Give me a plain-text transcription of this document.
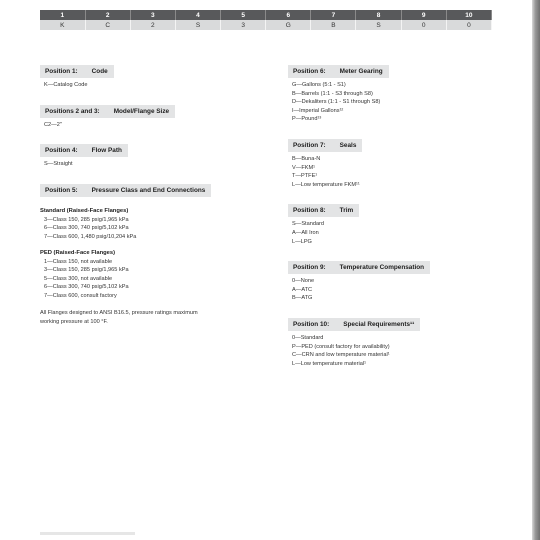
1	2	3	4	5	6	7	8	9	10
K	C	2	S	3	G	B	S	0	0
Position 1: Code
K—Catalog Code
Positions 2 and 3: Model/Flange Size
C2—2"
Position 4: Flow Path
S—Straight
Position 5: Pressure Class and End Connections
Standard (Raised-Face Flanges)
3—Class 150, 285 psig/1,965 kPa
6—Class 300, 740 psig/5,102 kPa
7—Class 600, 1,480 psig/10,204 kPa
PED (Raised-Face Flanges)
1—Class 150, not available
3—Class 150, 285 psig/1,965 kPa
5—Class 300, not available
6—Class 300, 740 psig/5,102 kPa
7—Class 600, consult factory
All Flanges designed to ANSI B16.5, pressure ratings maximum
working pressure at 100 °F.
Position 6: Meter Gearing
G—Gallons (5:1 - S1)
B—Barrels (1:1 - S3 through S8)
D—Dekaliters (1:1 - S1 through S8)
I—Imperial Gallons¹²
P—Pound¹³
Position 7: Seals
B—Buna-N
V—FKM¹
T—PTFE¹
L—Low temperature FKM¹¹
Position 8: Trim
S—Standard
A—All Iron
L—LPG
Position 9: Temperature Compensation
0—None
A—ATC
B—ATG
Position 10: Special Requirements¹¹
0—Standard
P—PED (consult factory for availability)
C—CRN and low temperature material¹
L—Low temperature material¹
